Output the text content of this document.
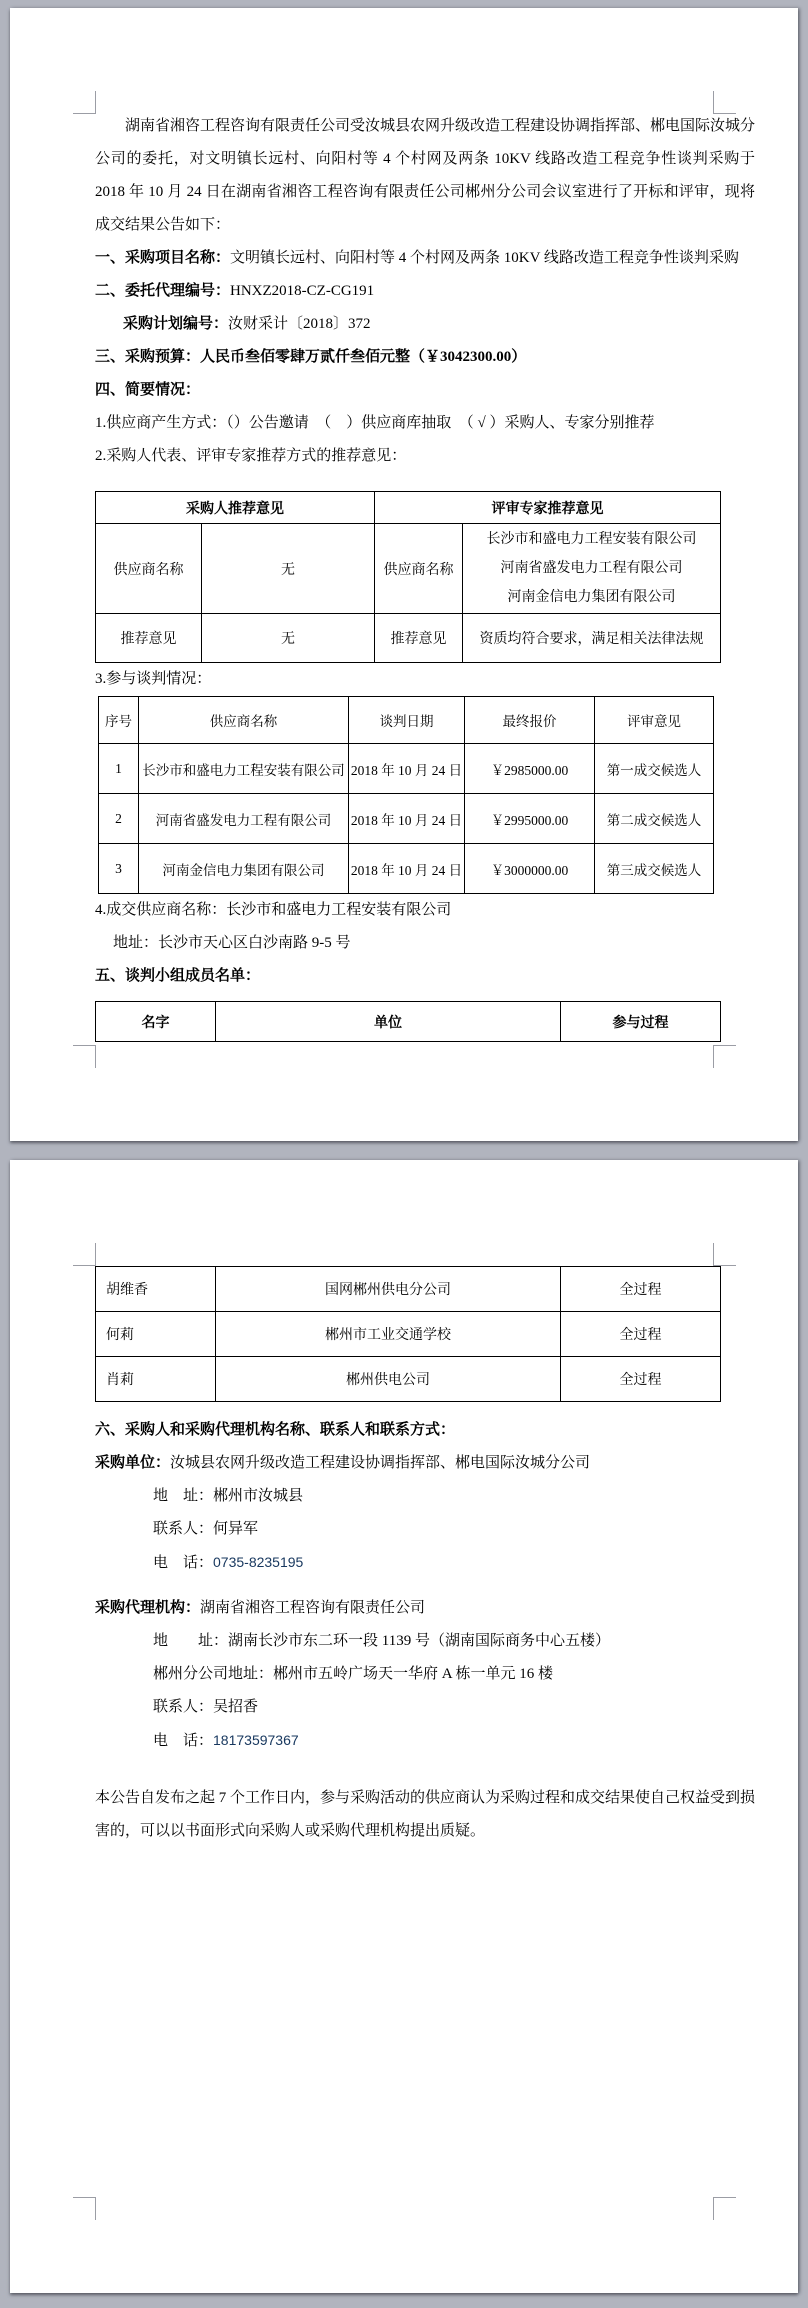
湖南省湘咨工程咨询有限责任公司受汝城县农网升级改造工程建设协调指挥部、郴电国际汝城分公司的委托，对文明镇长远村、向阳村等 4 个村网及两条 10KV 线路改造工程竞争性谈判采购于 2018 年 10 月 24 日在湖南省湘咨工程咨询有限责任公司郴州分公司会议室进行了开标和评审，现将成交结果公告如下：

一、采购项目名称：文明镇长远村、向阳村等 4 个村网及两条 10KV 线路改造工程竞争性谈判采购
二、委托代理编号：HNXZ2018-CZ-CG191
采购计划编号：汝财采计〔2018〕372
三、采购预算：人民币叁佰零肆万贰仟叁佰元整（￥3042300.00）
四、简要情况：
1.供应商产生方式：（）公告邀请　（　）供应商库抽取　（ √ ）采购人、专家分别推荐
2.采购人代表、评审专家推荐方式的推荐意见：
采购人推荐意见		评审专家推荐意见	
供应商名称	无	供应商名称	长沙市和盛电力工程安装有限公司
河南省盛发电力工程有限公司
河南金信电力集团有限公司

推荐意见	无	推荐意见	资质均符合要求，满足相关法律法规
3.参与谈判情况：
序号	供应商名称	谈判日期	最终报价	评审意见
1	长沙市和盛电力工程安装有限公司	2018 年 10 月 24 日	￥2985000.00	第一成交候选人
2	河南省盛发电力工程有限公司	2018 年 10 月 24 日	￥2995000.00	第二成交候选人
3	河南金信电力集团有限公司	2018 年 10 月 24 日	￥3000000.00	第三成交候选人
4.成交供应商名称：长沙市和盛电力工程安装有限公司
地址：长沙市天心区白沙南路 9-5 号
五、谈判小组成员名单：
名字	单位	参与过程
胡维香	国网郴州供电分公司	全过程
何莉	郴州市工业交通学校	全过程
肖莉	郴州供电公司	全过程
六、采购人和采购代理机构名称、联系人和联系方式：
采购单位：汝城县农网升级改造工程建设协调指挥部、郴电国际汝城分公司
地　址：郴州市汝城县
联系人：何异军
电　话：0735-8235195
采购代理机构：湖南省湘咨工程咨询有限责任公司
地　　址：湖南长沙市东二环一段 1139 号（湖南国际商务中心五楼）
郴州分公司地址：郴州市五岭广场天一华府 A 栋一单元 16 楼
联系人：吴招香
电　话：18173597367

本公告自发布之起 7 个工作日内，参与采购活动的供应商认为采购过程和成交结果使自己权益受到损害的，可以以书面形式向采购人或采购代理机构提出质疑。
